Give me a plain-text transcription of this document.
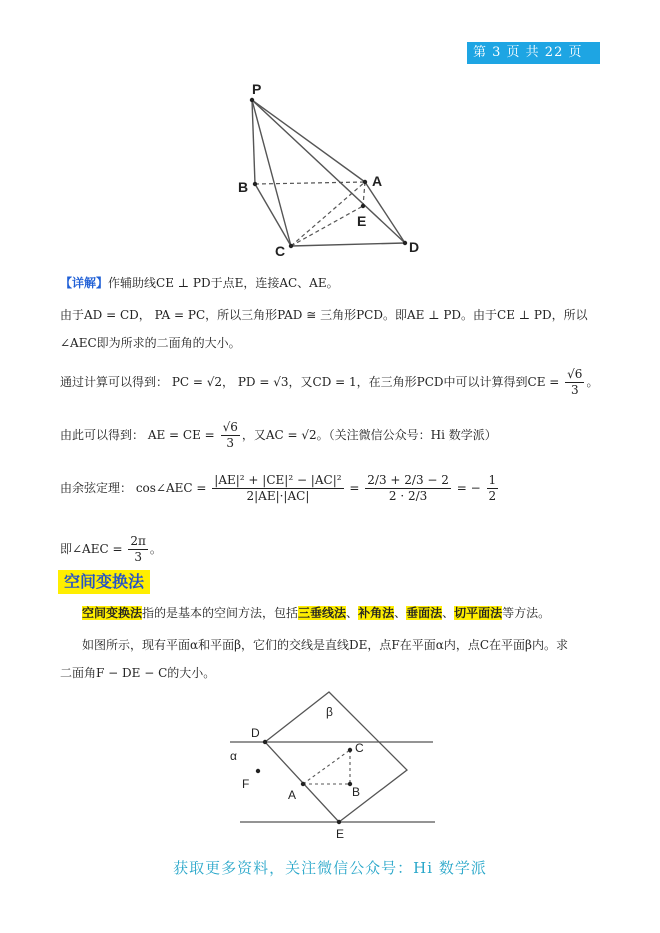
第 3 页 共 22 页
P
B	A
E
C	D
【详解】作辅助线CE ⊥ PD于点E，连接AC、AE。
由于AD = CD， PA = PC，所以三角形PAD ≅ 三角形PCD。即AE ⊥ PD。由于CE ⊥ PD，所以
∠AEC即为所求的二面角的大小。
通过计算可以得到： PC = √2， PD = √3，又CD = 1，在三角形PCD中可以计算得到CE = $\frac{√6}{3}$ 。
由此可以得到： AE = CE = $\frac{√6}{3}$ ，又AC = √2。（关注微信公众号：Hi 数学派）
由余弦定理： cos∠AEC = $\frac{\text{|AE|² + |CE|² − |AC|²}}{2|AE|\cdot|AC|} = \frac{2/3 + 2/3 - 2}{2 \cdot 2/3}$ = − $\frac{1}{2}$
即∠AEC = $\frac{2\pi}{3}$ 。
空间变换法
空间变换法指的是基本的空间方法，包括三垂线法、补角法、垂面法、切平面法等方法。
如图所示，现有平面α和平面β，它们的交线是直线DE，点F在平面α内，点C在平面β内。求
二面角F − DE − C的大小。
β
α
D
C
F
A	B
E
获取更多资料，关注微信公众号：Hi 数学派
